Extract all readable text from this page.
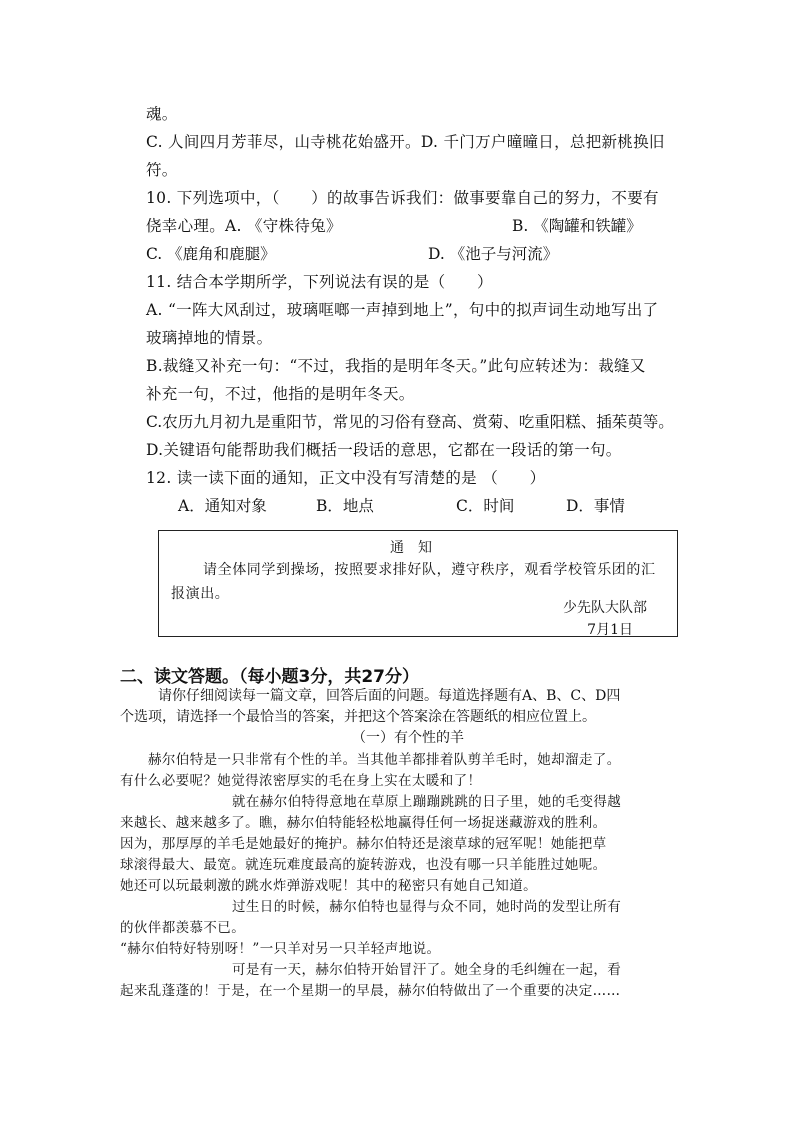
魂。
C. 人间四月芳菲尽，山寺桃花始盛开。D. 千门万户曈曈日，总把新桃换旧
符。
10. 下列选项中，（　　）的故事告诉我们：做事要靠自己的努力，不要有
侥幸心理。A. 《守株待兔》	B. 《陶罐和铁罐》
C. 《鹿角和鹿腿》	D. 《池子与河流》
11. 结合本学期所学，下列说法有误的是（　　）
A. “一阵大风刮过，玻璃哐啷一声掉到地上”，句中的拟声词生动地写出了
玻璃掉地的情景。
B.裁缝又补充一句：“不过，我指的是明年冬天。”此句应转述为：裁缝又
补充一句，不过，他指的是明年冬天。
C.农历九月初九是重阳节，常见的习俗有登高、赏菊、吃重阳糕、插茱萸等。
D.关键语句能帮助我们概括一段话的意思，它都在一段话的第一句。
12. 读一读下面的通知，正文中没有写清楚的是 （　　）
A．通知对象	B．地点	C．时间	D．事情
通知
请全体同学到操场，按照要求排好队，遵守秩序，观看学校管乐团的汇报演出。
少先队大队部
7月1日
二、读文答题。（每小题3分，共27分）
请你仔细阅读每一篇文章，回答后面的问题。每道选择题有A、B、C、D四
个选项，请选择一个最恰当的答案，并把这个答案涂在答题纸的相应位置上。
（一）有个性的羊
赫尔伯特是一只非常有个性的羊。当其他羊都排着队剪羊毛时，她却溜走了。
有什么必要呢？她觉得浓密厚实的毛在身上实在太暖和了！
就在赫尔伯特得意地在草原上蹦蹦跳跳的日子里，她的毛变得越
来越长、越来越多了。瞧，赫尔伯特能轻松地赢得任何一场捉迷藏游戏的胜利。
因为，那厚厚的羊毛是她最好的掩护。赫尔伯特还是滚草球的冠军呢！她能把草
球滚得最大、最宽。就连玩难度最高的旋转游戏，也没有哪一只羊能胜过她呢。
她还可以玩最刺激的跳水炸弹游戏呢！其中的秘密只有她自己知道。
过生日的时候，赫尔伯特也显得与众不同，她时尚的发型让所有
的伙伴都羡慕不已。
“赫尔伯特好特别呀！”一只羊对另一只羊轻声地说。
可是有一天，赫尔伯特开始冒汗了。她全身的毛纠缠在一起，看
起来乱蓬蓬的！于是，在一个星期一的早晨，赫尔伯特做出了一个重要的决定……
